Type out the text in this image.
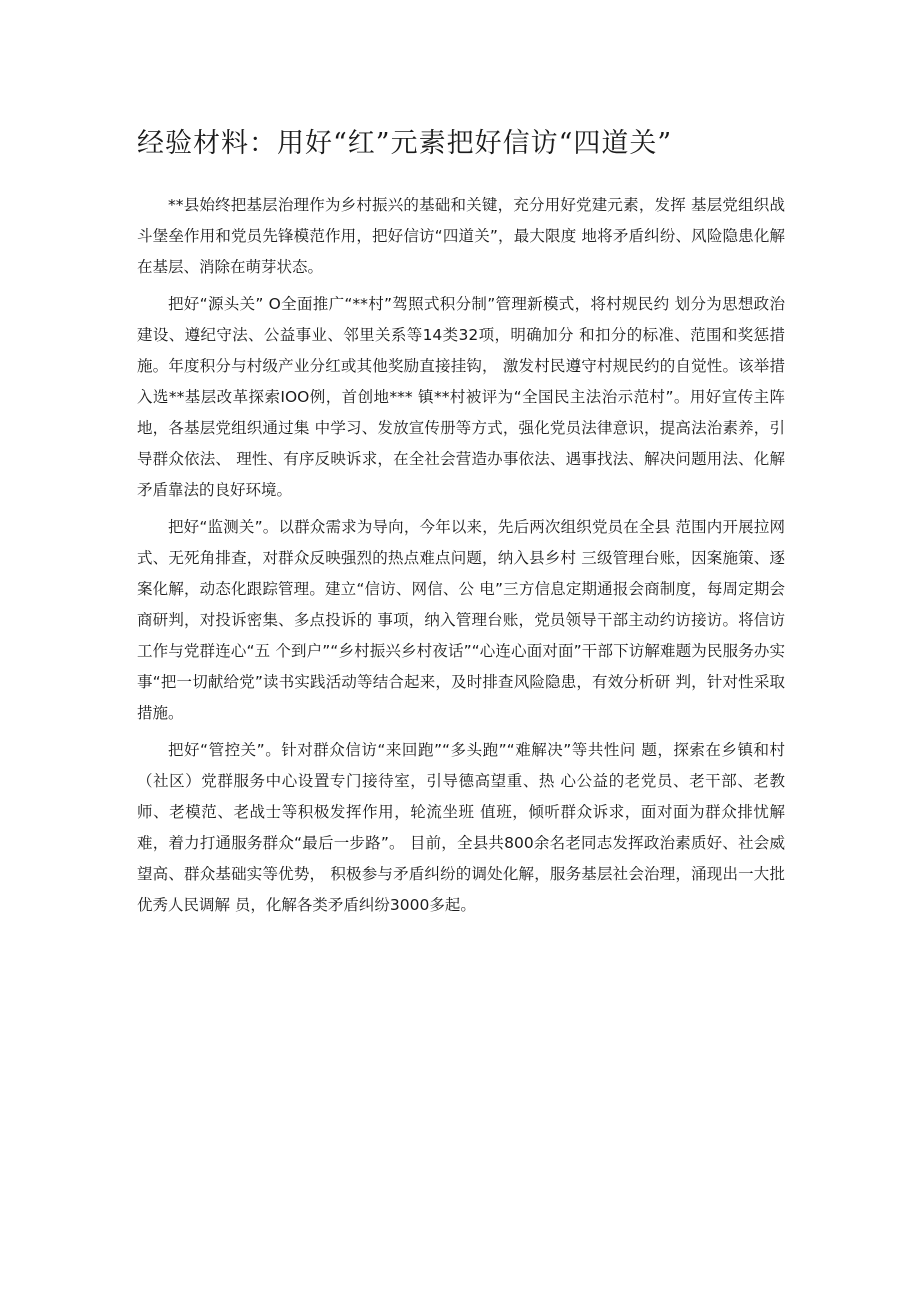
经验材料：用好“红”元素把好信访“四道关”

**县始终把基层治理作为乡村振兴的基础和关键，充分用好党建元素，发挥 基层党组织战斗堡垒作用和党员先锋模范作用，把好信访“四道关”，最大限度 地将矛盾纠纷、风险隐患化解在基层、消除在萌芽状态。

把好“源头关” O全面推广“**村”驾照式积分制”管理新模式，将村规民约 划分为思想政治建设、遵纪守法、公益事业、邻里关系等14类32项，明确加分 和扣分的标准、范围和奖惩措施。年度积分与村级产业分红或其他奖励直接挂钩， 激发村民遵守村规民约的自觉性。该举措入选**基层改革探索IOO例，首创地*** 镇**村被评为“全国民主法治示范村”。用好宣传主阵地，各基层党组织通过集 中学习、发放宣传册等方式，强化党员法律意识，提高法治素养，引导群众依法、 理性、有序反映诉求，在全社会营造办事依法、遇事找法、解决问题用法、化解 矛盾靠法的良好环境。

把好“监测关”。以群众需求为导向，今年以来，先后两次组织党员在全县 范围内开展拉网式、无死角排查，对群众反映强烈的热点难点问题，纳入县乡村 三级管理台账，因案施策、逐案化解，动态化跟踪管理。建立“信访、网信、公 电”三方信息定期通报会商制度，每周定期会商研判，对投诉密集、多点投诉的 事项，纳入管理台账，党员领导干部主动约访接访。将信访工作与党群连心“五 个到户”“乡村振兴乡村夜话”“心连心面对面”干部下访解难题为民服务办实 事“把一切献给党”读书实践活动等结合起来，及时排查风险隐患，有效分析研 判，针对性采取措施。

把好“管控关”。针对群众信访“来回跑”“多头跑”“难解决”等共性问 题，探索在乡镇和村（社区）党群服务中心设置专门接待室，引导德高望重、热 心公益的老党员、老干部、老教师、老模范、老战士等积极发挥作用，轮流坐班 值班，倾听群众诉求，面对面为群众排忧解难，着力打通服务群众“最后一步路”。 目前，全县共800余名老同志发挥政治素质好、社会威望高、群众基础实等优势， 积极参与矛盾纠纷的调处化解，服务基层社会治理，涌现出一大批优秀人民调解 员，化解各类矛盾纠纷3000多起。
